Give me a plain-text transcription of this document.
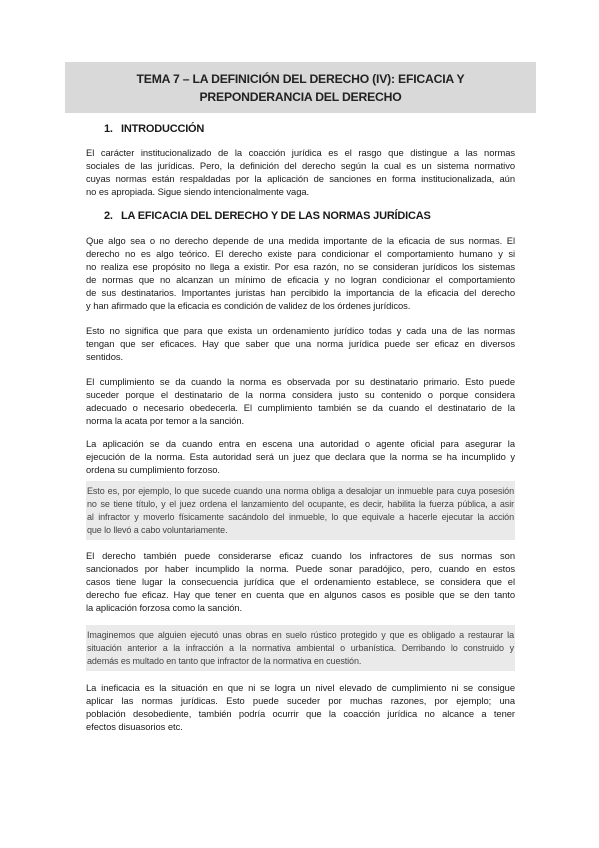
TEMA 7 – LA DEFINICIÓN DEL DERECHO (IV): EFICACIA Y
PREPONDERANCIA DEL DERECHO
1. INTRODUCCIÓN
El carácter institucionalizado de la coacción jurídica es el rasgo que distingue a las normas
sociales de las jurídicas. Pero, la definición del derecho según la cual es un sistema normativo
cuyas normas están respaldadas por la aplicación de sanciones en forma institucionalizada, aún
no es apropiada. Sigue siendo intencionalmente vaga.
2. LA EFICACIA DEL DERECHO Y DE LAS NORMAS JURÍDICAS
Que algo sea o no derecho depende de una medida importante de la eficacia de sus normas. El
derecho no es algo teórico. El derecho existe para condicionar el comportamiento humano y si
no realiza ese propósito no llega a existir. Por esa razón, no se consideran jurídicos los sistemas
de normas que no alcanzan un mínimo de eficacia y no logran condicionar el comportamiento
de sus destinatarios. Importantes juristas han percibido la importancia de la eficacia del derecho
y han afirmado que la eficacia es condición de validez de los órdenes jurídicos.
Esto no significa que para que exista un ordenamiento jurídico todas y cada una de las normas
tengan que ser eficaces. Hay que saber que una norma jurídica puede ser eficaz en diversos
sentidos.
El cumplimiento se da cuando la norma es observada por su destinatario primario. Esto puede
suceder porque el destinatario de la norma considera justo su contenido o porque considera
adecuado o necesario obedecerla. El cumplimiento también se da cuando el destinatario de la
norma la acata por temor a la sanción.
La aplicación se da cuando entra en escena una autoridad o agente oficial para asegurar la
ejecución de la norma. Esta autoridad será un juez que declara que la norma se ha incumplido y
ordena su cumplimiento forzoso.
Esto es, por ejemplo, lo que sucede cuando una norma obliga a desalojar un inmueble para cuya posesión
no se tiene título, y el juez ordena el lanzamiento del ocupante, es decir, habilita la fuerza pública, a asir
al infractor y moverlo físicamente sacándolo del inmueble, lo que equivale a hacerle ejecutar la acción
que lo llevó a cabo voluntariamente.
El derecho también puede considerarse eficaz cuando los infractores de sus normas son
sancionados por haber incumplido la norma. Puede sonar paradójico, pero, cuando en estos
casos tiene lugar la consecuencia jurídica que el ordenamiento establece, se considera que el
derecho fue eficaz. Hay que tener en cuenta que en algunos casos es posible que se den tanto
la aplicación forzosa como la sanción.
Imaginemos que alguien ejecutó unas obras en suelo rústico protegido y que es obligado a restaurar la
situación anterior a la infracción a la normativa ambiental o urbanística. Derribando lo construido y
además es multado en tanto que infractor de la normativa en cuestión.
La ineficacia es la situación en que ni se logra un nivel elevado de cumplimiento ni se consigue
aplicar las normas jurídicas. Esto puede suceder por muchas razones, por ejemplo; una
población desobediente, también podría ocurrir que la coacción jurídica no alcance a tener
efectos disuasorios etc.
